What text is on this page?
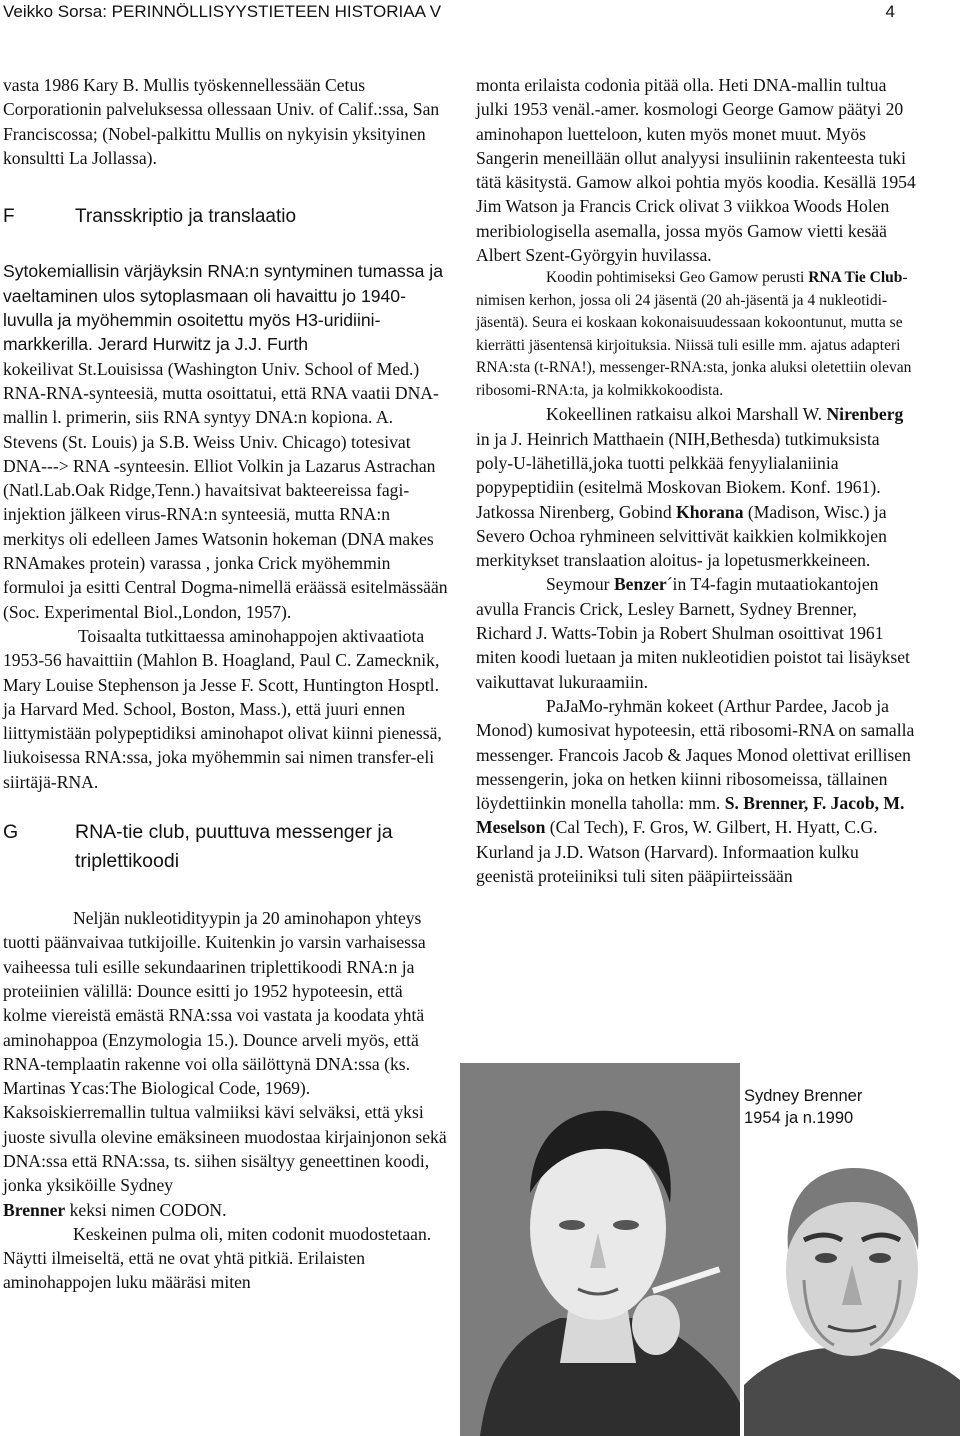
Veikko Sorsa: PERINNÖLLISYYSTIETEEN HISTORIAA V	4

vasta 1986 Kary B. Mullis työskennellessään Cetus Corporationin palveluksessa ollessaan Univ. of Calif.:ssa, San Franciscossa; (Nobel-palkittu Mullis on nykyisin yksityinen konsultti La Jollassa).

F	Transskriptio ja translaatio

Sytokemiallisin värjäyksin RNA:n syntyminen tumassa ja vaeltaminen ulos sytoplasmaan oli havaittu jo 1940-luvulla ja myöhemmin osoitettu myös H3-uridiini-markkerilla. Jerard Hurwitz ja J.J. Furth

kokeilivat St.Louisissa (Washington Univ. School of Med.) RNA-RNA-synteesiä, mutta osoittatui, että RNA vaatii DNA-mallin l. primerin, siis RNA syntyy DNA:n kopiona. A. Stevens (St. Louis) ja S.B. Weiss Univ. Chicago) totesivat DNA---> RNA -synteesin. Elliot Volkin ja Lazarus Astrachan (Natl.Lab.Oak Ridge,Tenn.) havaitsivat bakteereissa fagi-injektion jälkeen virus-RNA:n synteesiä, mutta RNA:n merkitys oli edelleen James Watsonin hokeman (DNA makes RNAmakes protein) varassa , jonka Crick myöhemmin formuloi ja esitti Central Dogma-nimellä eräässä esitelmässään (Soc. Experimental Biol.,London, 1957).

Toisaalta tutkittaessa aminohappojen aktivaatiota 1953-56 havaittiin (Mahlon B. Hoagland, Paul C. Zamecknik, Mary Louise Stephenson ja Jesse F. Scott, Huntington Hosptl. ja Harvard Med. School, Boston, Mass.), että juuri ennen liittymistään polypeptidiksi aminohapot olivat kiinni pienessä, liukoisessa RNA:ssa, joka myöhemmin sai nimen transfer-eli siirtäjä-RNA.

G	RNA-tie club, puuttuva messenger ja
triplettikoodi

Neljän nukleotidityypin ja 20 aminohapon yhteys tuotti päänvaivaa tutkijoille. Kuitenkin jo varsin varhaisessa vaiheessa tuli esille sekundaarinen triplettikoodi RNA:n ja proteiinien välillä: Dounce esitti jo 1952 hypoteesin, että kolme viereistä emästä RNA:ssa voi vastata ja koodata yhtä aminohappoa (Enzymologia 15.). Dounce arveli myös, että RNA-templaatin rakenne voi olla säilöttynä DNA:ssa (ks. Martinas Ycas:The Biological Code, 1969). Kaksoiskierremallin tultua valmiiksi kävi selväksi, että yksi juoste sivulla olevine emäksineen muodostaa kirjainjonon sekä DNA:ssa että RNA:ssa, ts. siihen sisältyy geneettinen koodi, jonka yksiköille Sydney
Brenner keksi nimen CODON.

Keskeinen pulma oli, miten codonit muodostetaan. Näytti ilmeiseltä, että ne ovat yhtä pitkiä. Erilaisten aminohappojen luku määräsi miten

monta erilaista codonia pitää olla. Heti DNA-mallin tultua julki 1953 venäl.-amer. kosmologi George Gamow päätyi 20 aminohapon luetteloon, kuten myös monet muut. Myös Sangerin meneillään ollut analyysi insuliinin rakenteesta tuki tätä käsitystä. Gamow alkoi pohtia myös koodia. Kesällä 1954 Jim Watson ja Francis Crick olivat 3 viikkoa Woods Holen meribiologisella asemalla, jossa myös Gamow vietti kesää Albert Szent-Györgyin huvilassa.

Koodin pohtimiseksi Geo Gamow perusti RNA Tie Club-nimisen kerhon, jossa oli 24 jäsentä (20 ah-jäsentä ja 4 nukleotidi-jäsentä). Seura ei koskaan kokonaisuudessaan kokoontunut, mutta se kierrätti jäsentensä kirjoituksia. Niissä tuli esille mm. ajatus adapteri RNA:sta (t-RNA!), messenger-RNA:sta, jonka aluksi oletettiin olevan ribosomi-RNA:ta, ja kolmikkokoodista.

Kokeellinen ratkaisu alkoi Marshall W. Nirenberg in ja J. Heinrich Matthaein (NIH,Bethesda) tutkimuksista poly-U-lähetillä,joka tuotti pelkkää fenyylialaniinia popypeptidiin (esitelmä Moskovan Biokem. Konf. 1961). Jatkossa Nirenberg, Gobind Khorana (Madison, Wisc.) ja Severo Ochoa ryhmineen selvittivät kaikkien kolmikkojen merkitykset translaation aloitus- ja lopetusmerkkeineen.

Seymour Benzer´in T4-fagin mutaatiokantojen avulla Francis Crick, Lesley Barnett, Sydney Brenner, Richard J. Watts-Tobin ja Robert Shulman osoittivat 1961 miten koodi luetaan ja miten nukleotidien poistot tai lisäykset vaikuttavat lukuraamiin.

PaJaMo-ryhmän kokeet (Arthur Pardee, Jacob ja Monod) kumosivat hypoteesin, että ribosomi-RNA on samalla messenger. Francois Jacob & Jaques Monod olettivat erillisen messengerin, joka on hetken kiinni ribosomeissa, tällainen löydettiinkin monella taholla: mm. S. Brenner, F. Jacob, M. Meselson (Cal Tech), F. Gros, W. Gilbert, H. Hyatt, C.G. Kurland ja J.D. Watson (Harvard). Informaation kulku geenistä proteiiniksi tuli siten pääpiirteissään

Sydney Brenner
1954 ja n.1990
